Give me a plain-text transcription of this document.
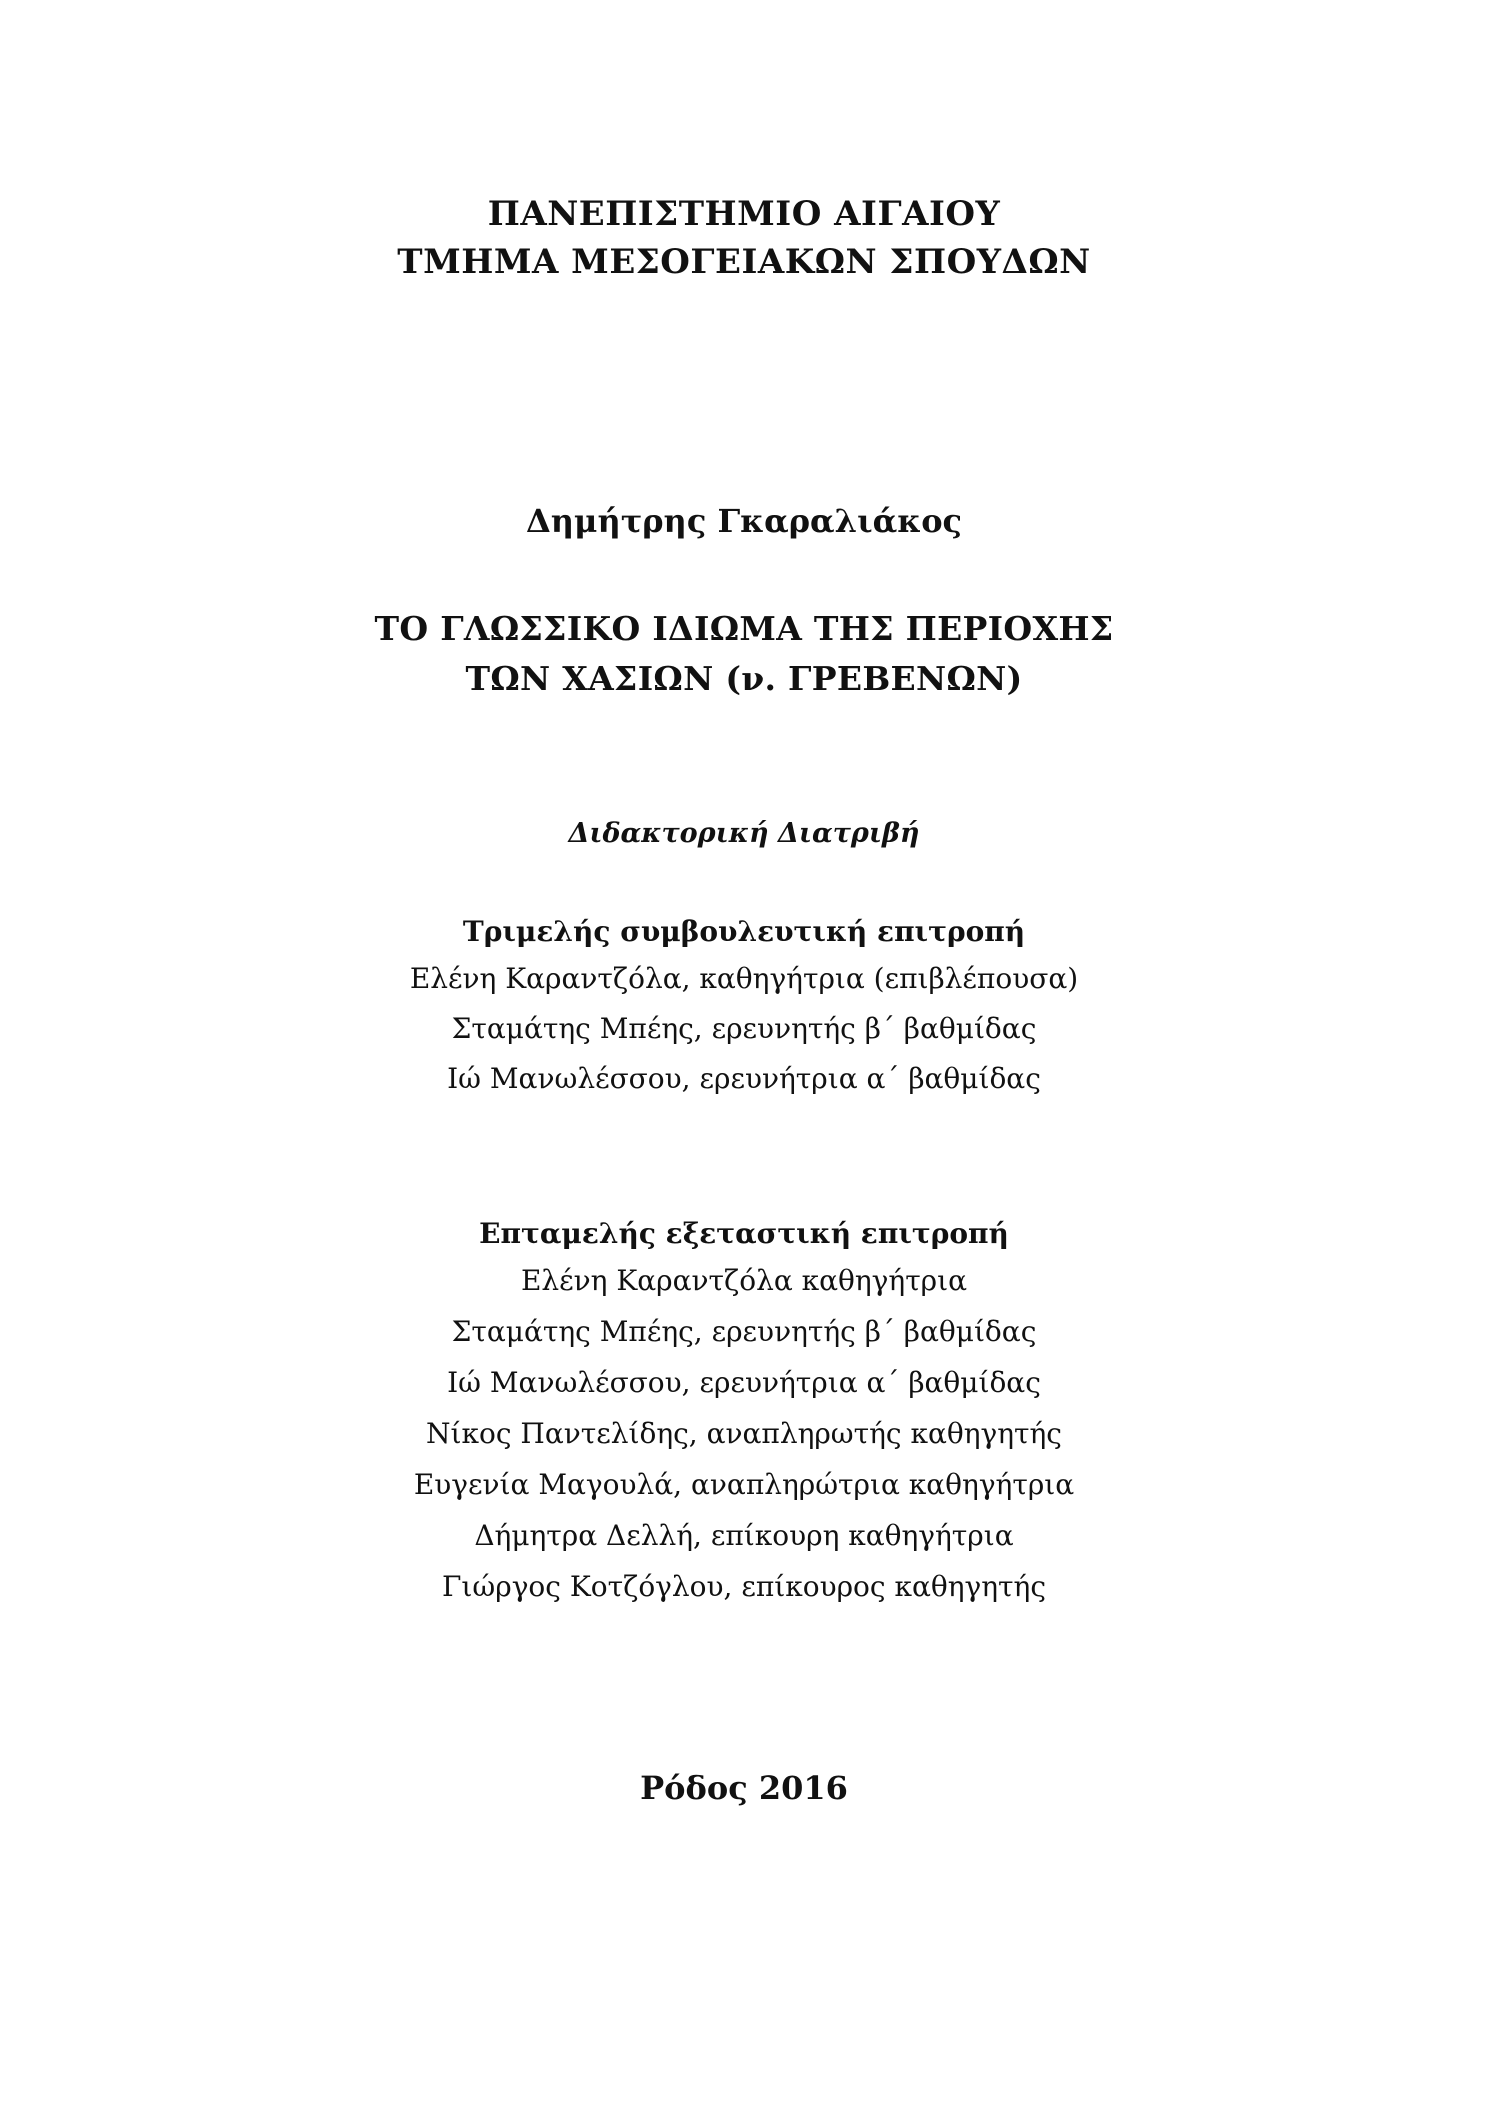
ΠΑΝΕΠΙΣΤΗΜΙΟ ΑΙΓΑΙΟΥ
ΤΜΗΜΑ ΜΕΣΟΓΕΙΑΚΩΝ ΣΠΟΥΔΩΝ
Δημήτρης Γκαραλιάκος
ΤΟ ΓΛΩΣΣΙΚΟ ΙΔΙΩΜΑ ΤΗΣ ΠΕΡΙΟΧΗΣ
ΤΩΝ ΧΑΣΙΩΝ (ν. ΓΡΕΒΕΝΩΝ)
Διδακτορική Διατριβή
Τριμελής συμβουλευτική επιτροπή
Ελένη Καραντζόλα, καθηγήτρια (επιβλέπουσα)
Σταμάτης Μπέης, ερευνητής β΄ βαθμίδας
Ιώ Μανωλέσσου, ερευνήτρια α΄ βαθμίδας
Επταμελής εξεταστική επιτροπή
Ελένη Καραντζόλα καθηγήτρια
Σταμάτης Μπέης, ερευνητής β΄ βαθμίδας
Ιώ Μανωλέσσου, ερευνήτρια α΄ βαθμίδας
Νίκος Παντελίδης, αναπληρωτής καθηγητής
Ευγενία Μαγουλά, αναπληρώτρια καθηγήτρια
Δήμητρα Δελλή, επίκουρη καθηγήτρια
Γιώργος Κοτζόγλου, επίκουρος καθηγητής
Ρόδος 2016
